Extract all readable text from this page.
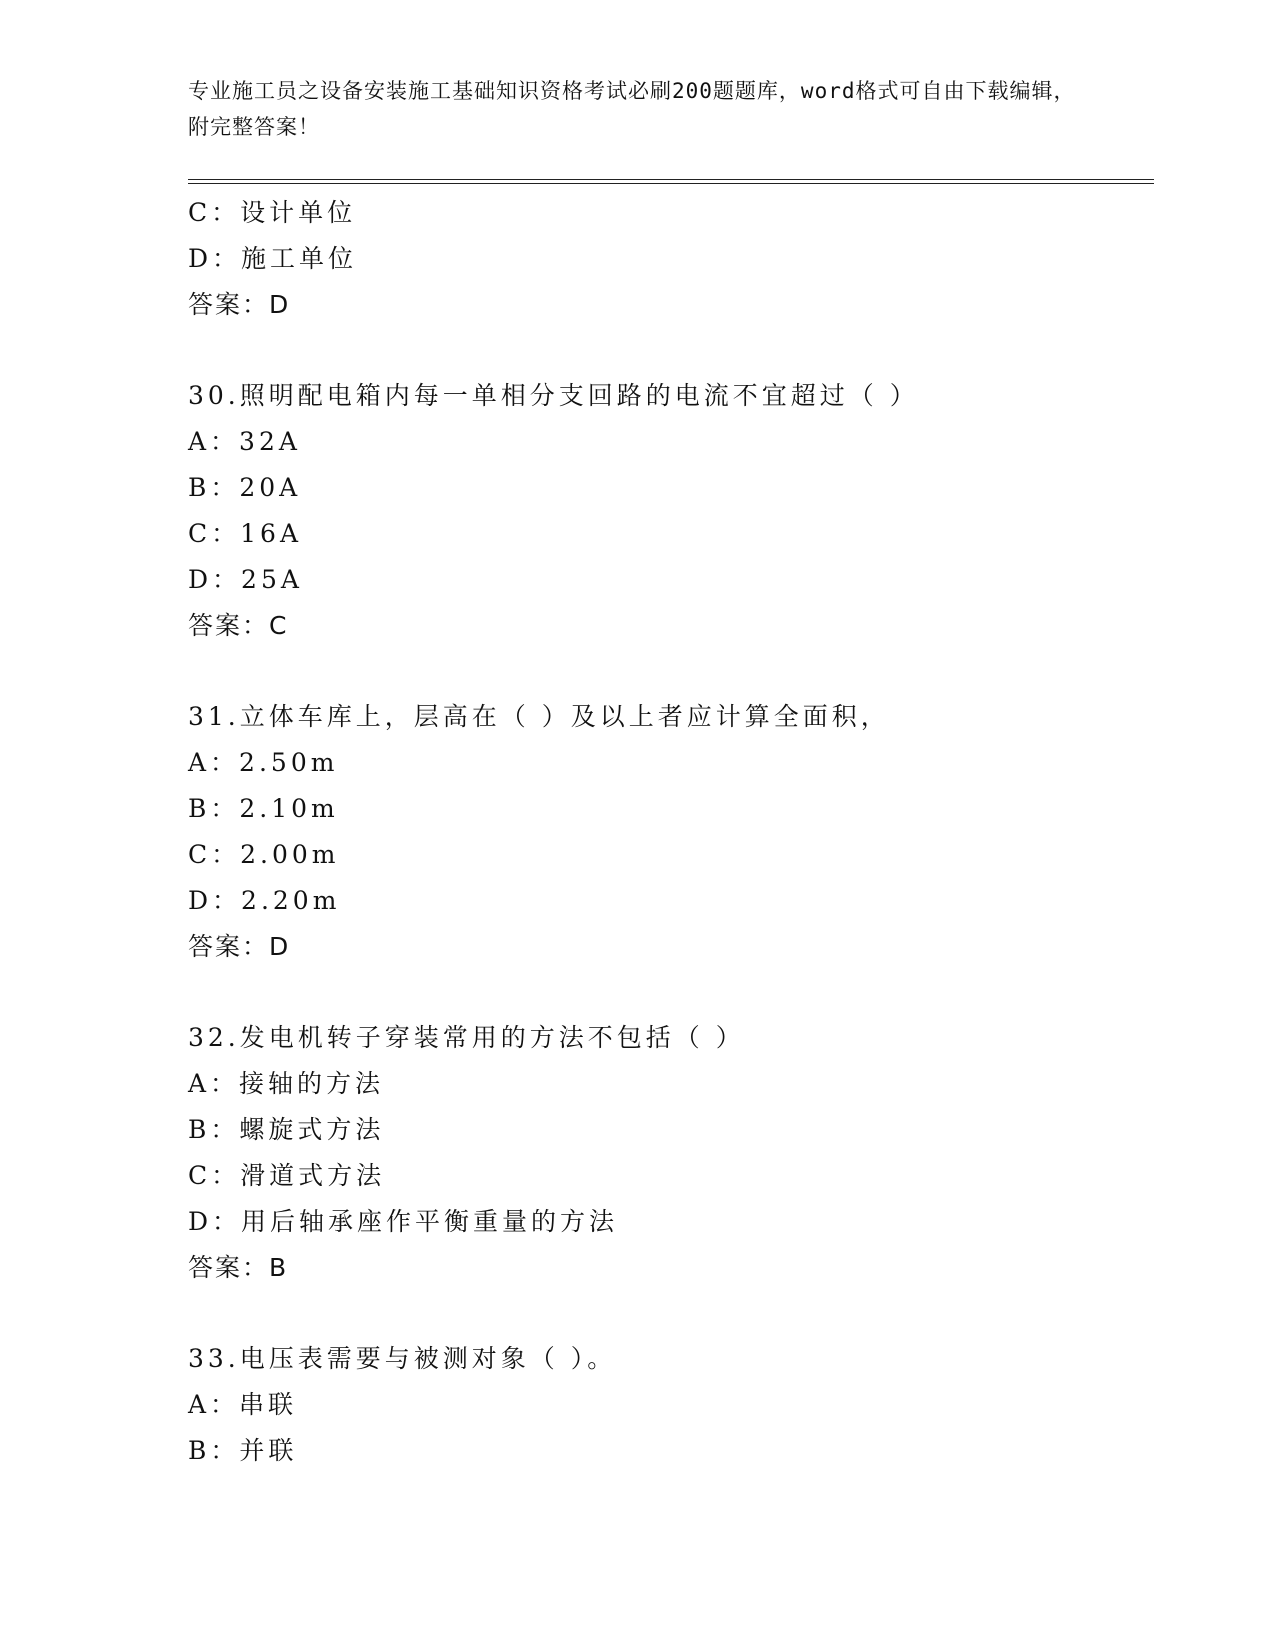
专业施工员之设备安装施工基础知识资格考试必刷200题题库，word格式可自由下载编辑，附完整答案！
C：设计单位
D：施工单位
答案：D
30.照明配电箱内每一单相分支回路的电流不宜超过（ ）
A：32A
B：20A
C：16A
D：25A
答案：C
31.立体车库上，层高在（ ）及以上者应计算全面积，
A：2.50m
B：2.10m
C：2.00m
D：2.20m
答案：D
32.发电机转子穿装常用的方法不包括（ ）
A：接轴的方法
B：螺旋式方法
C：滑道式方法
D：用后轴承座作平衡重量的方法
答案：B
33.电压表需要与被测对象（ ）。
A：串联
B：并联
